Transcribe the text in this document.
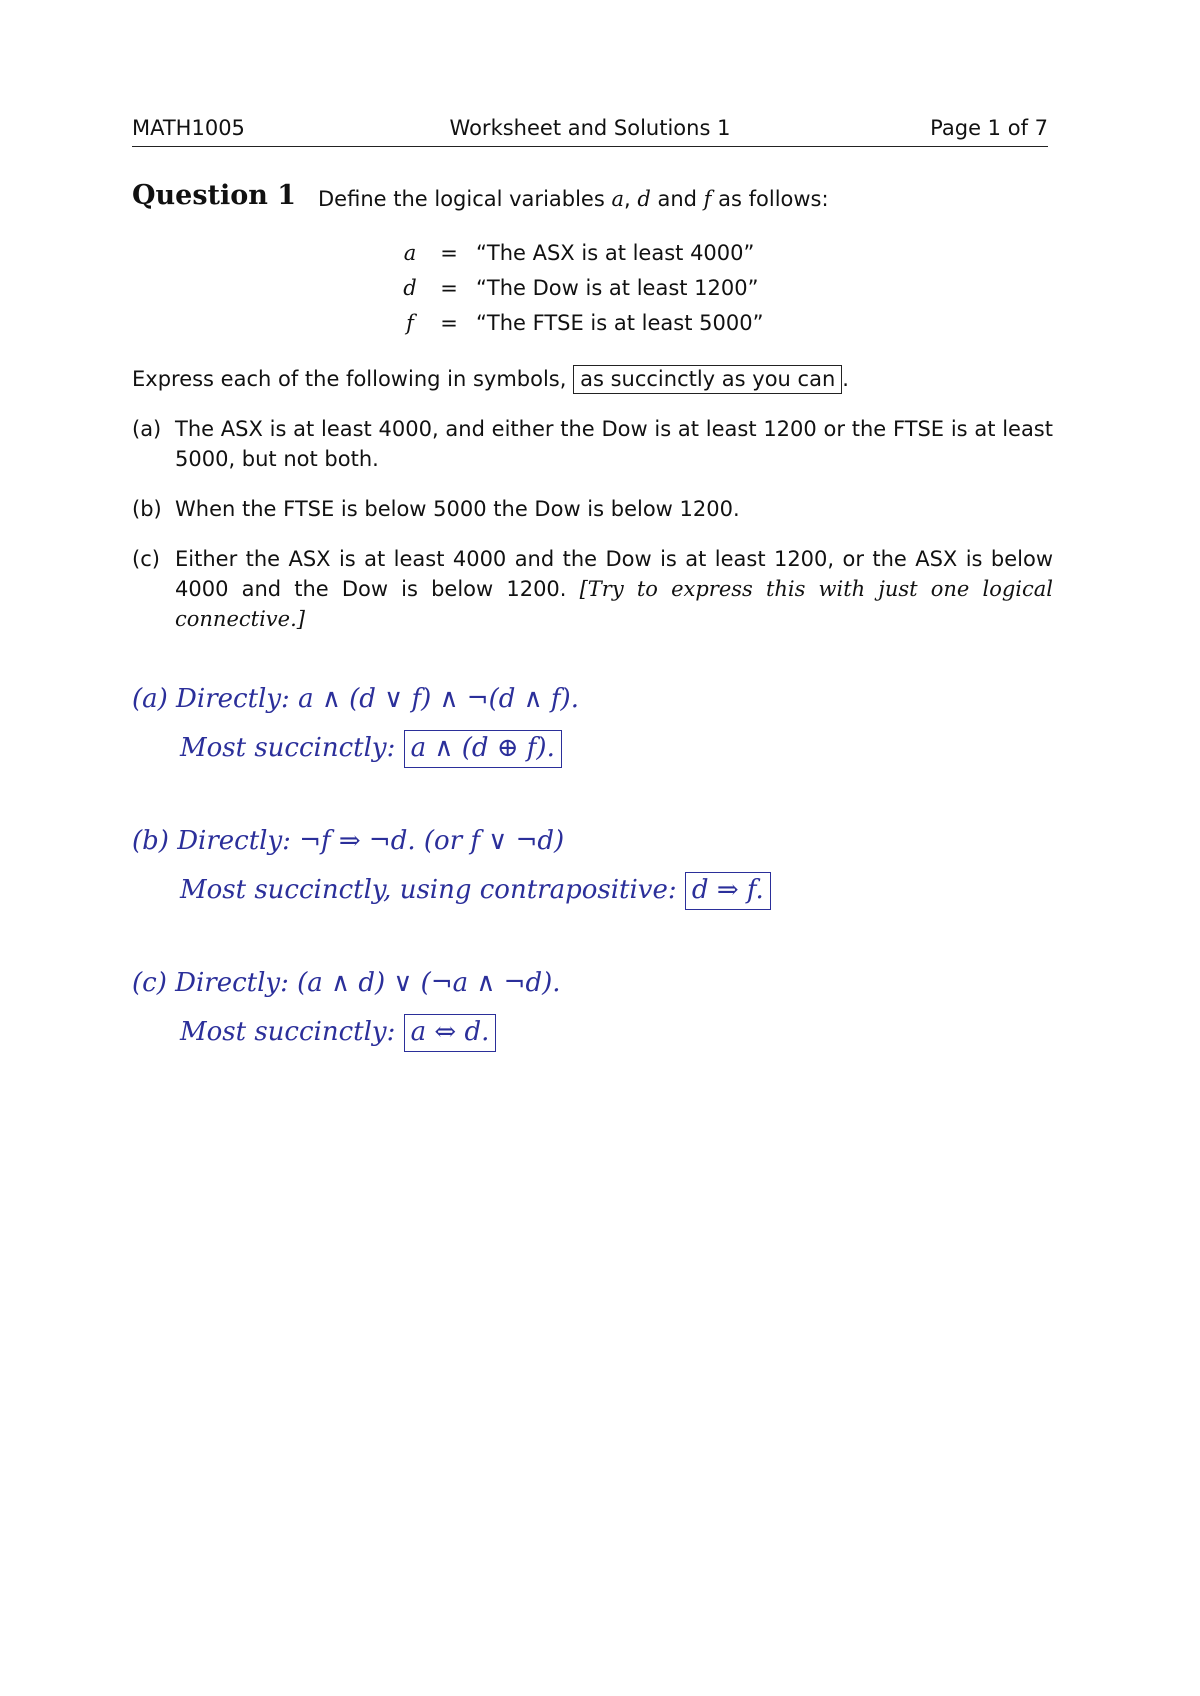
MATH1005	Worksheet and Solutions 1	Page 1 of 7
Question 1 Define the logical variables a, d and f as follows:
a = “The ASX is at least 4000”
d = “The Dow is at least 1200”
f	= “The FTSE is at least 5000”
Express each of the following in symbols, as succinctly as you can .
(a) The ASX is at least 4000, and either the Dow is at least 1200 or the FTSE is at least 5000, but not both.
(b) When the FTSE is below 5000 the Dow is below 1200.
(c) Either the ASX is at least 4000 and the Dow is at least 1200, or the ASX is below 4000 and the Dow is below 1200. [Try to express this with just one logical connective.]
(a) Directly: a ∧ (d ∨ f) ∧ ¬(d ∧ f).
Most succinctly: a ∧ (d ⊕ f).
(b) Directly: ¬f ⇒ ¬d. (or f ∨ ¬d)
Most succinctly, using contrapositive: d ⇒ f.
(c) Directly: (a ∧ d) ∨ (¬a ∧ ¬d).
Most succinctly: a ⇔ d.
